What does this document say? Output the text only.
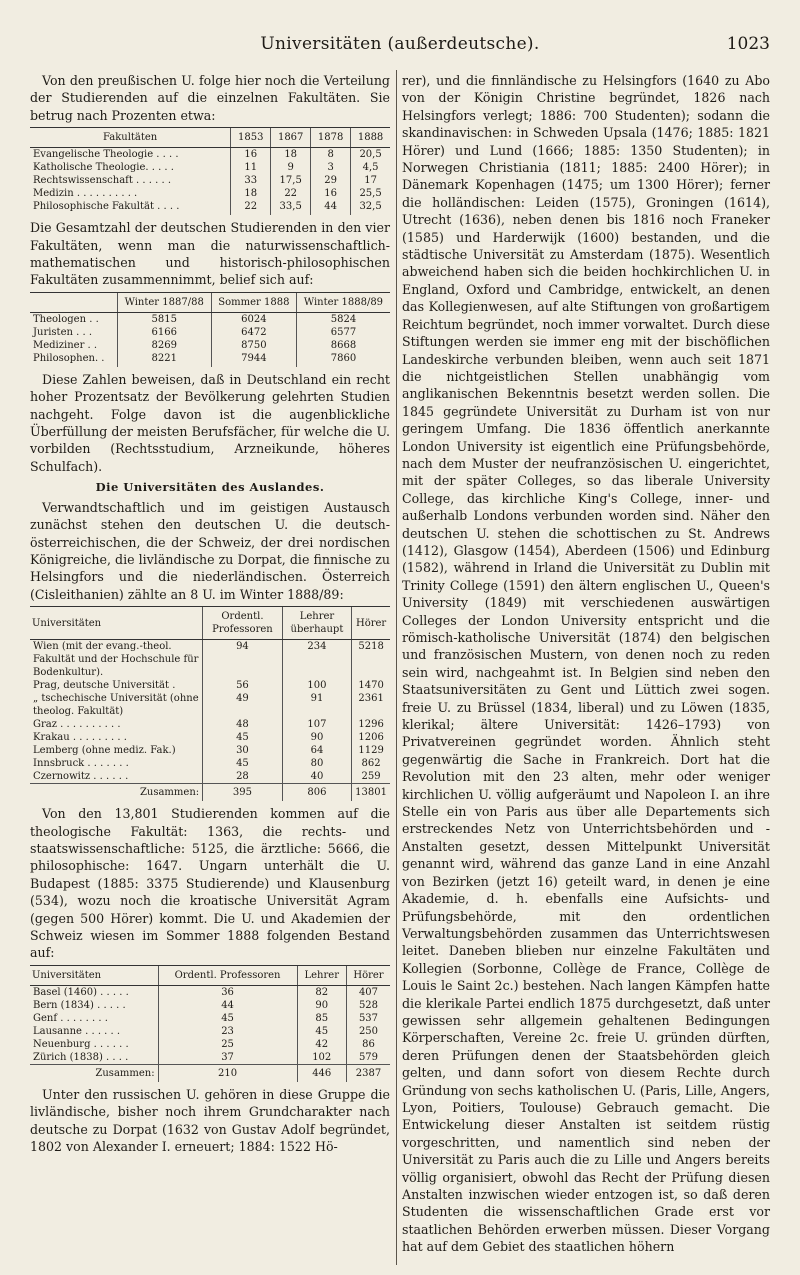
Universitäten (außerdeutsche).	1023

Von den preußischen U. folge hier noch die Verteilung der Studierenden auf die einzelnen Fakultäten. Sie betrug nach Prozenten etwa:

Fakultäten	1853	1867	1878	1888
Evangelische Theologie . . . .	16	18	8	20,5
Katholische Theologie. . . . .	11	9	3	4,5
Rechtswissenschaft . . . . . .	33	17,5	29	17
Medizin . . . . . . . . . .	18	22	16	25,5
Philosophische Fakultät . . . .	22	33,5	44	32,5

Die Gesamtzahl der deutschen Studierenden in den vier Fakultäten, wenn man die naturwissenschaftlich-mathematischen und historisch-philosophischen Fakultäten zusammennimmt, belief sich auf:

	Winter 1887/88	Sommer 1888	Winter 1888/89
Theologen . .	5815	6024	5824
Juristen . . .	6166	6472	6577
Mediziner . .	8269	8750	8668
Philosophen. .	8221	7944	7860

Diese Zahlen beweisen, daß in Deutschland ein recht hoher Prozentsatz der Bevölkerung gelehrten Studien nachgeht. Folge davon ist die augenblickliche Überfüllung der meisten Berufsfächer, für welche die U. vorbilden (Rechtsstudium, Arzneikunde, höheres Schulfach).

Die Universitäten des Auslandes.

Verwandtschaftlich und im geistigen Austausch zunächst stehen den deutschen U. die deutsch-österreichischen, die der Schweiz, der drei nordischen Königreiche, die livländische zu Dorpat, die finnische zu Helsingfors und die niederländischen. Österreich (Cisleithanien) zählte an 8 U. im Winter 1888/89:

Universitäten	Ordentl. Professoren	Lehrer überhaupt	Hörer
Wien (mit der evang.-theol. Fakultät und der Hochschule für Bodenkultur).	94	234	5218
Prag, deutsche Universität .	56	100	1470
„ tschechische Universität (ohne theolog. Fakultät)	49	91	2361
Graz . . . . . . . . . .	48	107	1296
Krakau . . . . . . . . .	45	90	1206
Lemberg (ohne mediz. Fak.)	30	64	1129
Innsbruck . . . . . . .	45	80	862
Czernowitz . . . . . .	28	40	259
Zusammen:	395	806	13801

Von den 13,801 Studierenden kommen auf die theologische Fakultät: 1363, die rechts- und staatswissenschaftliche: 5125, die ärztliche: 5666, die philosophische: 1647. Ungarn unterhält die U. Budapest (1885: 3375 Studierende) und Klausenburg (534), wozu noch die kroatische Universität Agram (gegen 500 Hörer) kommt. Die U. und Akademien der Schweiz wiesen im Sommer 1888 folgenden Bestand auf:

Universitäten	Ordentl. Professoren	Lehrer	Hörer
Basel (1460) . . . . .	36	82	407
Bern (1834) . . . . .	44	90	528
Genf . . . . . . . .	45	85	537
Lausanne . . . . . .	23	45	250
Neuenburg . . . . . .	25	42	86
Zürich (1838) . . . .	37	102	579
Zusammen:	210	446	2387

Unter den russischen U. gehören in diese Gruppe die livländische, bisher noch ihrem Grundcharakter nach deutsche zu Dorpat (1632 von Gustav Adolf begründet, 1802 von Alexander I. erneuert; 1884: 1522 Hö-

rer), und die finnländische zu Helsingfors (1640 zu Abo von der Königin Christine begründet, 1826 nach Helsingfors verlegt; 1886: 700 Studenten); sodann die skandinavischen: in Schweden Upsala (1476; 1885: 1821 Hörer) und Lund (1666; 1885: 1350 Studenten); in Norwegen Christiania (1811; 1885: 2400 Hörer); in Dänemark Kopenhagen (1475; um 1300 Hörer); ferner die holländischen: Leiden (1575), Groningen (1614), Utrecht (1636), neben denen bis 1816 noch Franeker (1585) und Harderwijk (1600) bestanden, und die städtische Universität zu Amsterdam (1875). Wesentlich abweichend haben sich die beiden hochkirchlichen U. in England, Oxford und Cambridge, entwickelt, an denen das Kollegienwesen, auf alte Stiftungen von großartigem Reichtum begründet, noch immer vorwaltet. Durch diese Stiftungen werden sie immer eng mit der bischöflichen Landeskirche verbunden bleiben, wenn auch seit 1871 die nichtgeistlichen Stellen unabhängig vom anglikanischen Bekenntnis besetzt werden sollen. Die 1845 gegründete Universität zu Durham ist von nur geringem Umfang. Die 1836 öffentlich anerkannte London University ist eigentlich eine Prüfungsbehörde, nach dem Muster der neufranzösischen U. eingerichtet, mit der später Colleges, so das liberale University College, das kirchliche King's College, inner- und außerhalb Londons verbunden worden sind. Näher den deutschen U. stehen die schottischen zu St. Andrews (1412), Glasgow (1454), Aberdeen (1506) und Edinburg (1582), während in Irland die Universität zu Dublin mit Trinity College (1591) den ältern englischen U., Queen's University (1849) mit verschiedenen auswärtigen Colleges der London University entspricht und die römisch-katholische Universität (1874) den belgischen und französischen Mustern, von denen noch zu reden sein wird, nachgeahmt ist. In Belgien sind neben den Staatsuniversitäten zu Gent und Lüttich zwei sogen. freie U. zu Brüssel (1834, liberal) und zu Löwen (1835, klerikal; ältere Universität: 1426–1793) von Privatvereinen gegründet worden. Ähnlich steht gegenwärtig die Sache in Frankreich. Dort hat die Revolution mit den 23 alten, mehr oder weniger kirchlichen U. völlig aufgeräumt und Napoleon I. an ihre Stelle ein von Paris aus über alle Departements sich erstreckendes Netz von Unterrichtsbehörden und -Anstalten gesetzt, dessen Mittelpunkt Universität genannt wird, während das ganze Land in eine Anzahl von Bezirken (jetzt 16) geteilt ward, in denen je eine Akademie, d. h. ebenfalls eine Aufsichts- und Prüfungsbehörde, mit den ordentlichen Verwaltungsbehörden zusammen das Unterrichtswesen leitet. Daneben blieben nur einzelne Fakultäten und Kollegien (Sorbonne, Collège de France, Collège de Louis le Saint 2c.) bestehen. Nach langen Kämpfen hatte die klerikale Partei endlich 1875 durchgesetzt, daß unter gewissen sehr allgemein gehaltenen Bedingungen Körperschaften, Vereine 2c. freie U. gründen dürften, deren Prüfungen denen der Staatsbehörden gleich gelten, und dann sofort von diesem Rechte durch Gründung von sechs katholischen U. (Paris, Lille, Angers, Lyon, Poitiers, Toulouse) Gebrauch gemacht. Die Entwickelung dieser Anstalten ist seitdem rüstig vorgeschritten, und namentlich sind neben der Universität zu Paris auch die zu Lille und Angers bereits völlig organisiert, obwohl das Recht der Prüfung diesen Anstalten inzwischen wieder entzogen ist, so daß deren Studenten die wissenschaftlichen Grade erst vor staatlichen Behörden erwerben müssen. Dieser Vorgang hat auf dem Gebiet des staatlichen höhern
